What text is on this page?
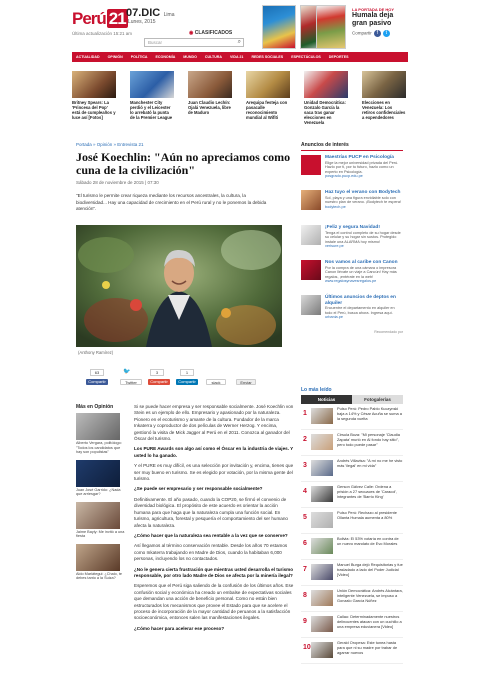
Perú 21 07.DIC Lima
Lunes, 2015
Última actualización 15:21 am	◉ CLASIFICADOS
Buscar	⌕
LA PORTADA DE HOY
Humala deja
gran pasivo
Compartir f t
ACTUALIDAD	OPINIÓN	POLÍTICA	ECONOMÍA	MUNDO	CULTURA	VIDA 21	REDES SOCIALES	ESPECTÁCULOS	DEPORTES
Britney Spears: La 'Princesa del Pop' está de cumpleaños y luce así [Fotos]
Manchester City perdió y el Leicester lo arrebató la punta de la Premier League
Juan Claudio Lechín: Ojalá Venezuela, libre de Maduro
Arequipa festeja con pasacalle reconocimiento mundial al Wifiti
Unidad Democrática: Gonzalo García la saca tras ganar elecciones en Venezuela
Elecciones en Venezuela: Los retiros confidenciales a expendedores
Portada » Opinión » Entrevista 21
José Koechlin: "Aún no apreciamos como cuna de la civilización"
Sábado 28 de noviembre de 2015 | 07:30
"El turismo le permite crear riqueza mediante los recursos ancestrales, la cultura, la biodiversidad... Hay una capacidad de crecimiento en el Perú rural y no le ponemos la debida atención".
(Anthony Ramírez)
63	🐦	3	1
Compartir	Twitter	Compartir	Compartir	slack	Enviar
Más en Opinión
Alberto Vergara, politólogo: "Todos los candidatos que hay son populistas"
Juan José Garrido: ¿Nada que arriesgar?
Jaime Bayly: Me invitó a una fiesta
Aldo Mariátegui: ¿Chalo, te debes tanto a la Suiza?

Si se puede hacer empresa y ser responsable socialmente. José Koechlin von Stein es un ejemplo de ello. Empresario y apasionado por la naturaleza. Pionero en el ecoturismo y amante de la cultura. Fundador de la marca Inkaterra y coproductor de dos películas de Werner Herzog. Y encima, gestionó la visita de Mick Jagger al Perú en el 2011. Conozca al ganador del Óscar del turismo.

Los PURE Awards son algo así como el Óscar en la industria de viajes. Y usted lo ha ganado.

Y el PURE es muy difícil, es una selección por invitación y, encima, tienes que ser muy bueno en turismo. Se es elegido por votación, por la misma gente del turismo.

¿Se puede ser empresario y ser responsable socialmente?

Definitivamente. El año pasado, cuando la COP20, se firmó el convenio de diversidad biológica. El propósito de este acuerdo es orientar la acción humana para que haga que la naturaleza cumpla una función social. En turismo, agricultura, forestal y pesquería el comportamiento del ser humano afecta la naturaleza.

¿Cómo hacer que la naturaleza sea rentable a la vez que se conserve?

Así llegamos al término conservación rentable. Desde los años 70 estamos como Inkaterra trabajando en Madre de Dios, cuando la habitaban 6,000 personas, incluyendo los no contactados.

¿No le genera cierta frustración que mientras usted desarrolla el turismo responsable, por otro lado Madre de Dios se afecta por la minería ilegal?

Esperemos que el Perú siga saliendo de la confusión de los últimos años. Ese confusión social y económica ha creado un embalse de expectativas sociales que demandan una acción de beneficio personal. Como no están bien estructurados los mecanismos que provee el Estado para que se acelere el proceso de incorporación de la mayor cantidad de peruanos a la satisfacción socioeconómica, entonces salen las manifestaciones ilegales.

¿Cómo hacer para acelerar ese proceso?

Anuncios de interés
Maestrías PUCP en Psicología
Elige la mejor universidad privada del Perú. Hazlo por ti, por tu futuro, hazlo como un experto en Psicología.
posgrado.pucp.edu.pe
Haz tuyo el verano con Bodytech
Sol, playa y una figura envidiable solo con nuestro plan de verano. ¡Bodytech te espera!
bodytech.pe
¡Feliz y segura Navidad!
Tenga el control completo de su hogar desde su celular y su hogar sin sustos. Protegido instale una ALARMA hoy mismo!
verisure.pe
Nos vamos al caribe con Canon
Por la compra de una cámara o impresora Canon llévate un viaje a Cancún! Hay más regalos, ¡entérate en la web!
www.regalosynavesregalos.pe
Últimos anuncios de deptos en alquiler
Encuentre el departamento en alquiler en todo el Perú, busca ahora. Ingresa aquí.
urbania.pe
Recomendado por
Lo más leído
Noticias	Fotogalerías
1
Pulso Perú: Pedro Pablo Kuczynski baja a 14% y César Acuña se suma a la segunda vuelta
2
Cirsula Boza: "Mi personaje 'Claudia Zapata' murió en Al fondo hay sitio", pero todo puede pasar"
3
Andrés Villavisa: "A mí no me he visto más 'ilegal' en mi vida"
4
Gerson Gálvez Calle: Ordena a prisión a 27 secuaces de 'Caracol', integrantes de 'Barrio King'
5
Pulso Perú: Rechazo al presidente Ollanta Humala aumenta a 80%
6
Bolivia: El 53% votaría en contra de un nuevo mandato de Evo Morales
7
Manuel Burga dejó Requisitorias y fue trasladado a lado del Poder Judicial [Video]
8
Unión Democrática: Andrés Alcántara, inteligente Venezuela, se impuso a Gonzalo García Núñez
9
Callao: Determinadamente nuestros delincuentes atacan con un cuchillo a una empresa eduvianera [Video]
10
Gerald Oropesa: Este tunea hasta para que ni su madre por trabar de agarrar nuevos
